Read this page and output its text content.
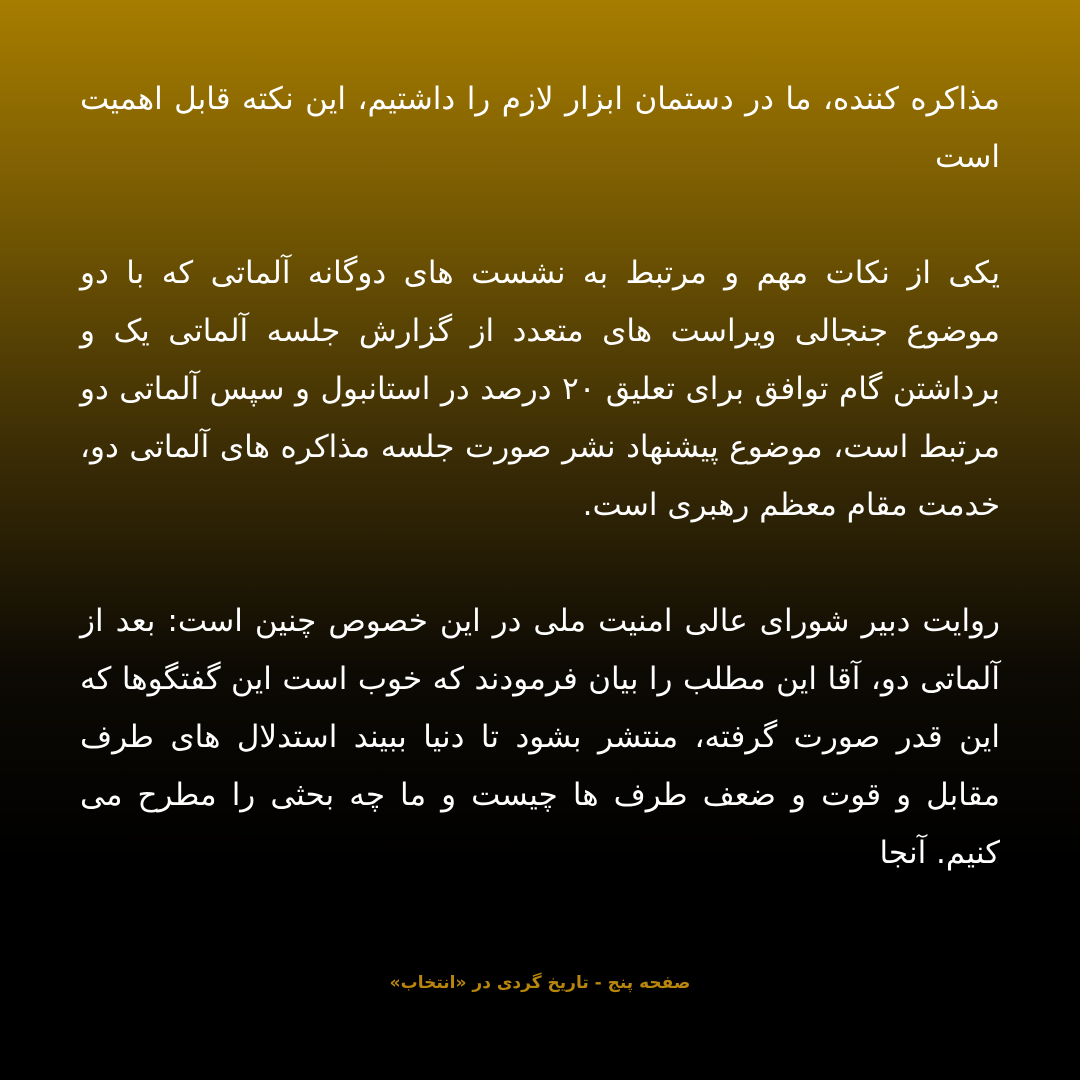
مذاکره کننده، ما در دستمان ابزار لازم را داشتیم، این نکته قابل اهمیت است

یکی از نکات مهم و مرتبط به نشست های دوگانه آلماتی که با دو موضوع جنجالی ویراست های متعدد از گزارش جلسه آلماتی یک و برداشتن گام توافق برای تعلیق ۲۰ درصد در استانبول و سپس آلماتی دو مرتبط است، موضوع پیشنهاد نشر صورت جلسه مذاکره های آلماتی دو، خدمت مقام معظم رهبری است.

روایت دبیر شورای عالی امنیت ملی در این خصوص چنین است: بعد از آلماتی دو، آقا این مطلب را بیان فرمودند که خوب است این گفتگوها که این قدر صورت گرفته، منتشر بشود تا دنیا ببیند استدلال های طرف مقابل و قوت و ضعف طرف ها چیست و ما چه بحثی را مطرح می کنیم. آنجا

صفحه پنج - تاریخ گردی در «انتخاب»
